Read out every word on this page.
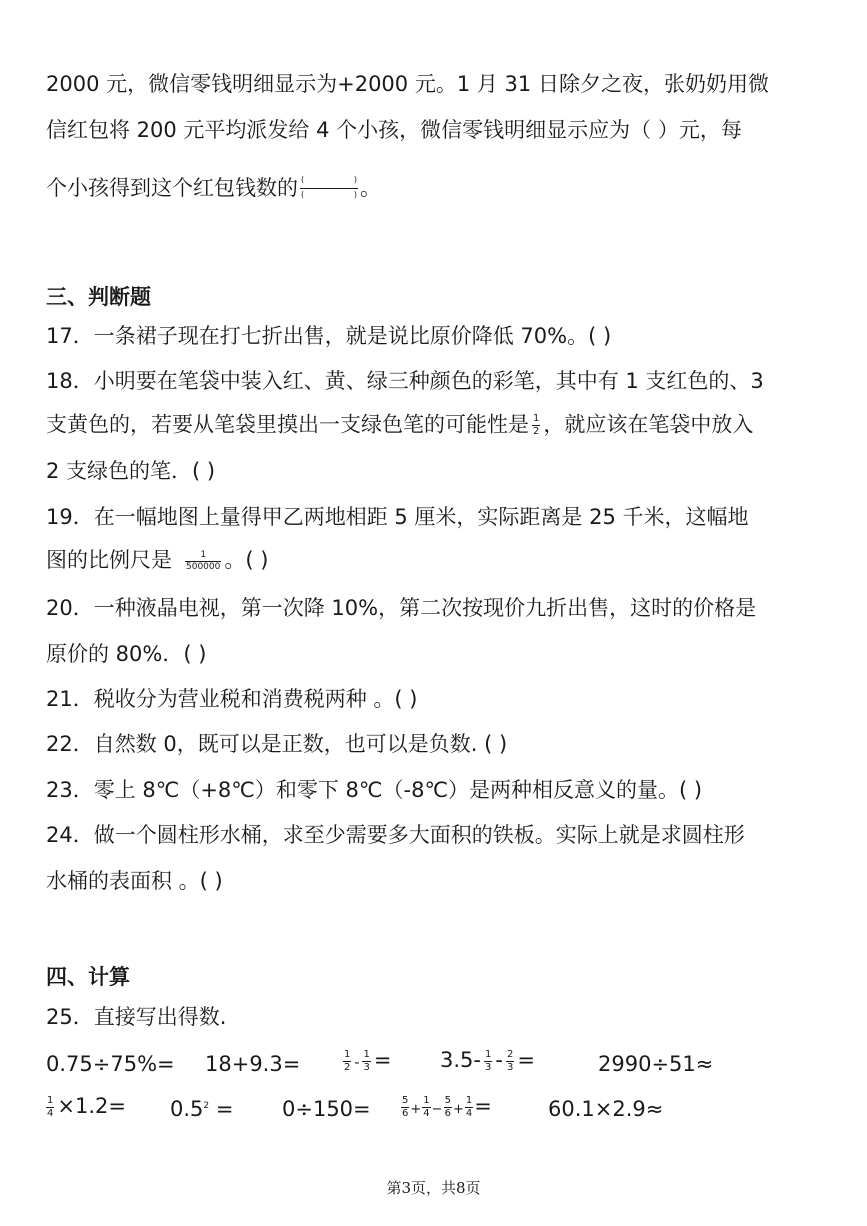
2000 元，微信零钱明细显示为+2000 元。1 月 31 日除夕之夜，张奶奶用微
信红包将 200 元平均派发给 4 个小孩，微信零钱明细显示应为（ ）元，每
个小孩得到这个红包钱数的 (	)
(	) 。
三、判断题
17．一条裙子现在打七折出售，就是说比原价降低 70%。( )
18．小明要在笔袋中装入红、黄、绿三种颜色的彩笔，其中有 1 支红色的、3
支黄色的，若要从笔袋里摸出一支绿色笔的可能性是 $\frac{1}{2}$ ，就应该在笔袋中放入
2 支绿色的笔．( )
19．在一幅地图上量得甲乙两地相距 5 厘米，实际距离是 25 千米，这幅地
图的比例尺是 $\frac{1}{500000}$ 。( )
20．一种液晶电视，第一次降 10%，第二次按现价九折出售，这时的价格是
原价的 80%．( )
21．税收分为营业税和消费税两种 。( )
22．自然数 0，既可以是正数，也可以是负数. ( )
23．零上 8℃（+8℃）和零下 8℃（-8℃）是两种相反意义的量。( )
24．做一个圆柱形水桶，求至少需要多大面积的铁板。实际上就是求圆柱形
水桶的表面积 。( )
四、计算
25．直接写出得数.
0.75÷75%= 18+9.3=	$\frac{1}{2} - \frac{1}{3} = 3.5- \frac{1}{3} - \frac{2}{3}$ =	2990÷51≈
$\frac{1}{4} \times 1.2= 0.5^2 = 0\div 150=$	$\frac{5}{6} + \frac{1}{4} - \frac{5}{6} + \frac{1}{4}$ =	60.1×2.9≈
第3页，共8页
